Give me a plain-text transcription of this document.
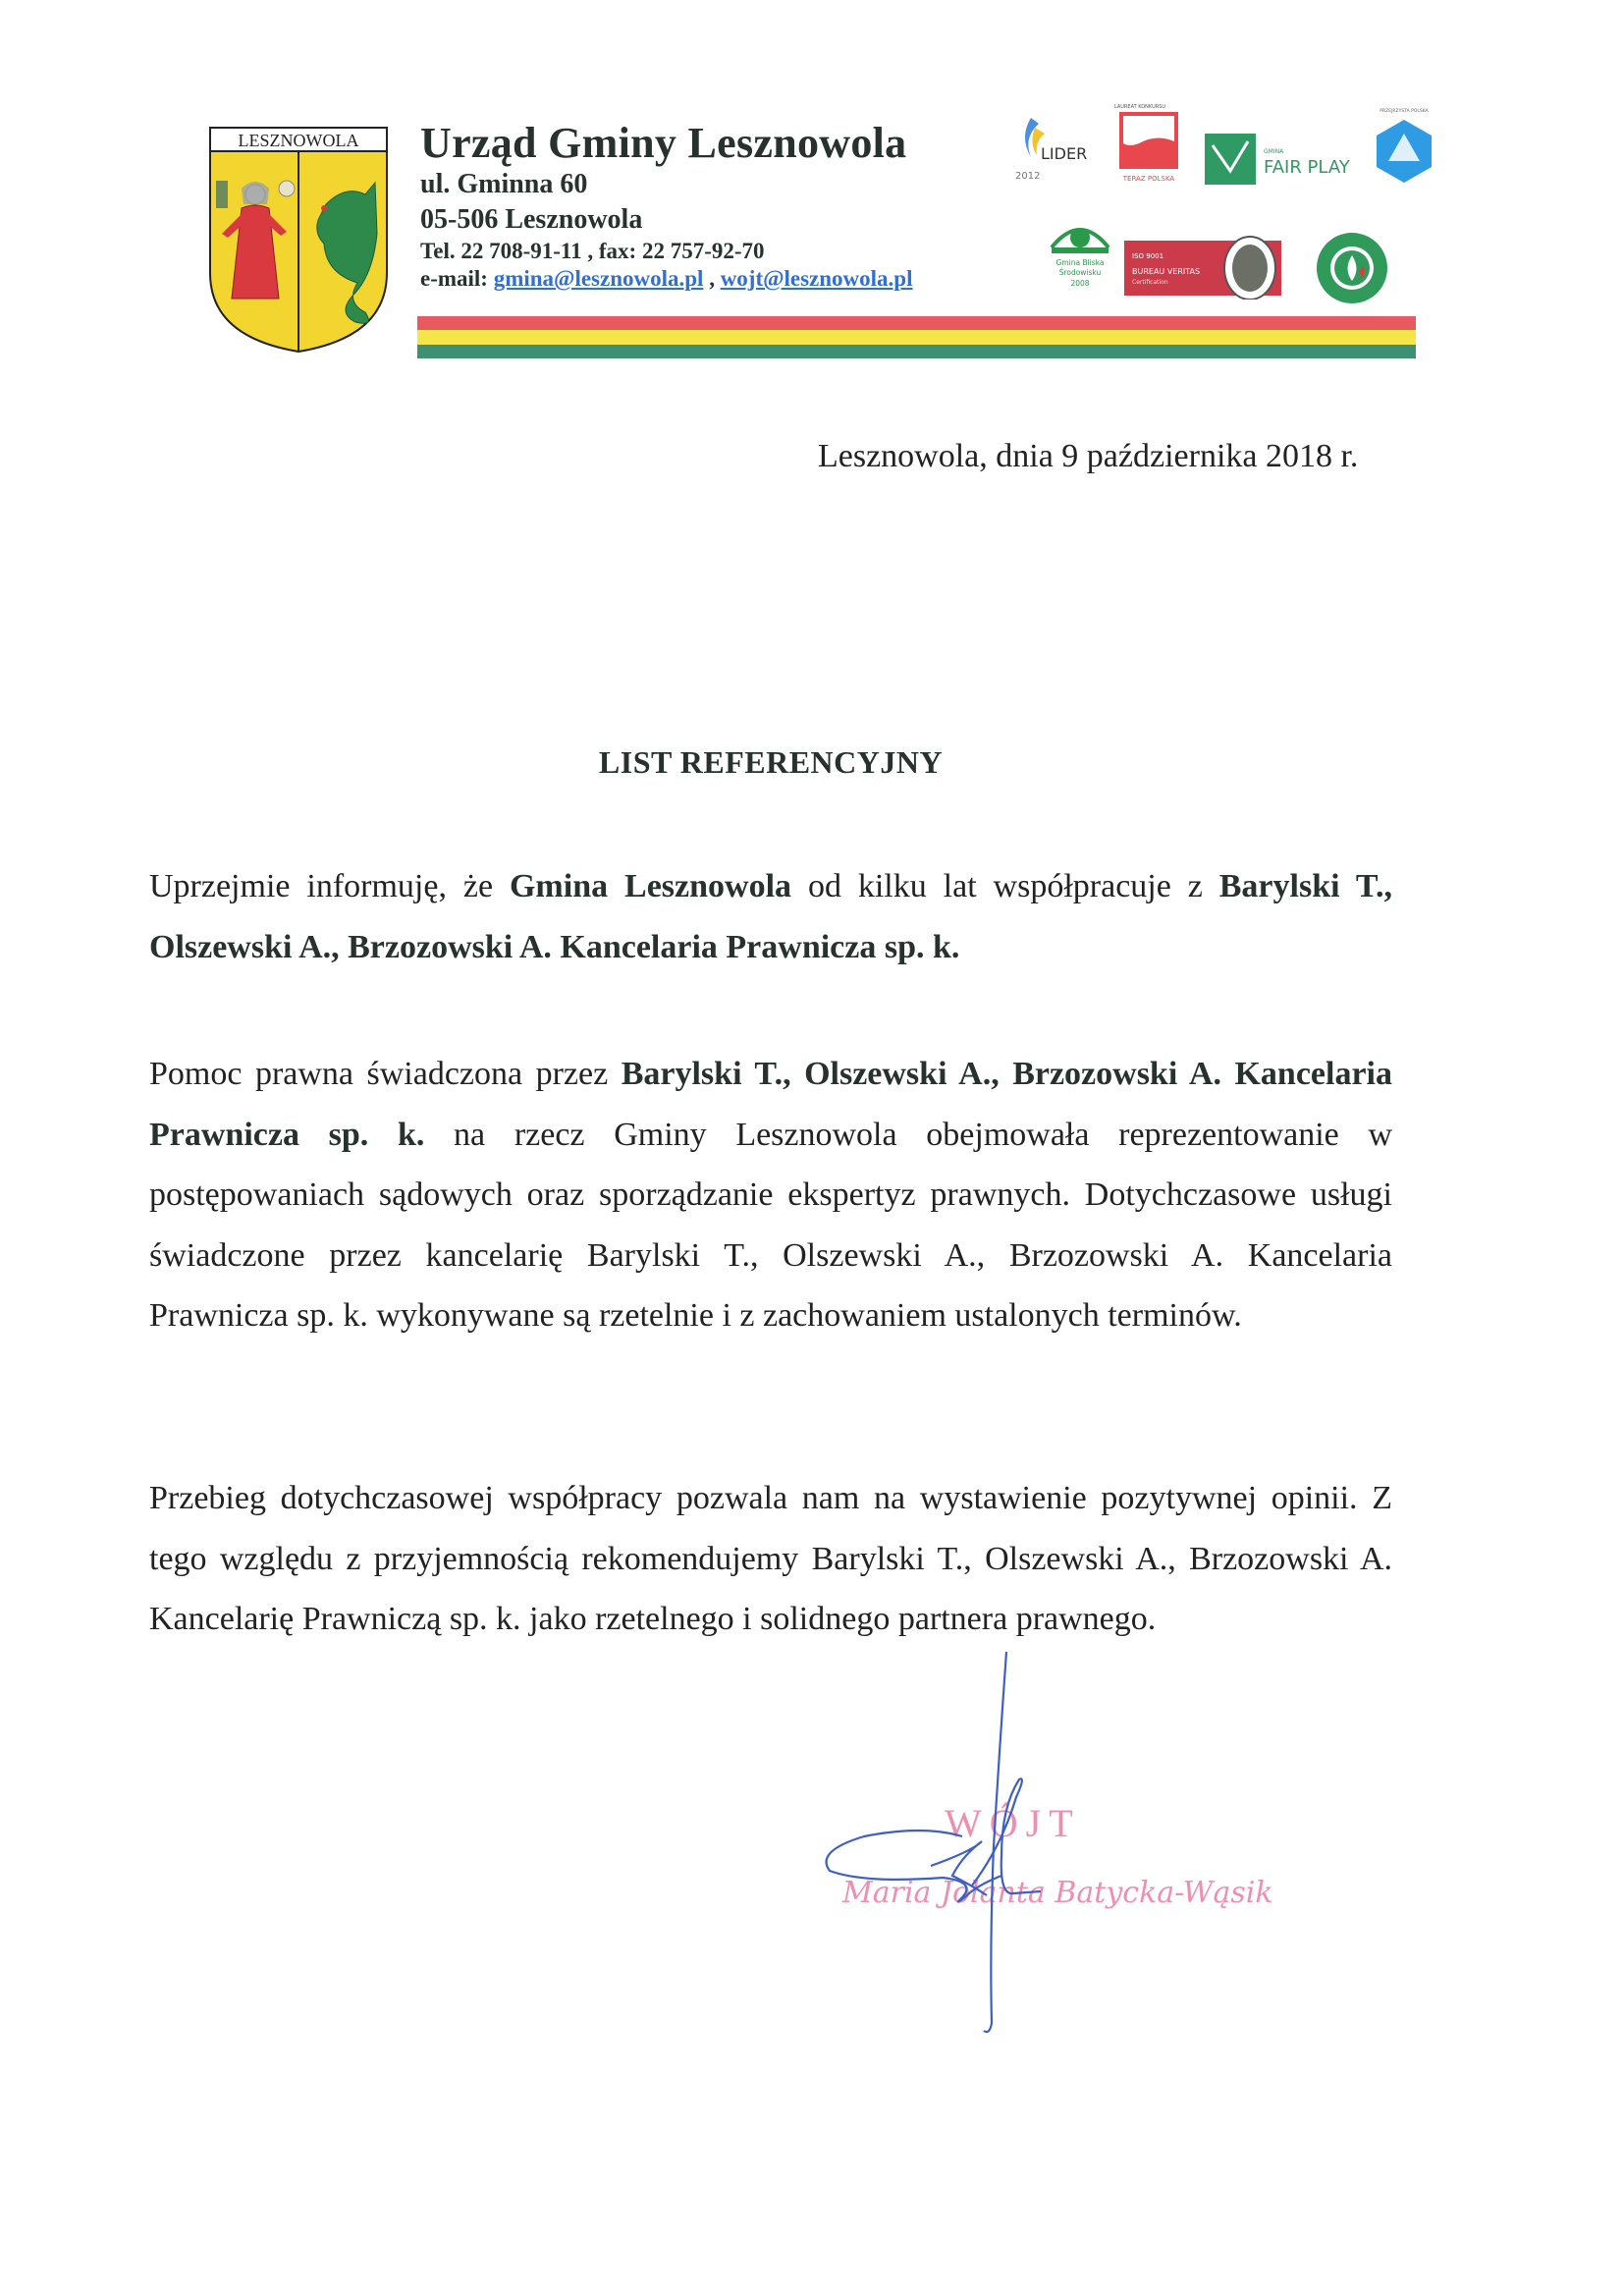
LESZNOWOLA Urząd Gminy Lesznowola
ul. Gminna 60
05-506 Lesznowola
Tel. 22 708-91-11 , fax: 22 757-92-70
e-mail: gmina@lesznowola.pl , wojt@lesznowola.pl
LIDER
2012
LAUREAT KONKURSU
TERAZ POLSKA
GMINA
FAIR PLAY
PRZEJRZYSTA POLSKA
Gmina Bliska
Środowisku
2008
ISO 9001
BUREAU VERITAS
Certification
Lesznowola, dnia 9 października 2018 r.
LIST REFERENCYJNY

Uprzejmie informuję, że Gmina Lesznowola od kilku lat współpracuje z Barylski T., Olszewski A., Brzozowski A. Kancelaria Prawnicza sp. k.

Pomoc prawna świadczona przez Barylski T., Olszewski A., Brzozowski A. Kancelaria Prawnicza sp. k. na rzecz Gminy Lesznowola obejmowała reprezentowanie w postępowaniach sądowych oraz sporządzanie ekspertyz prawnych. Dotychczasowe usługi świadczone przez kancelarię Barylski T., Olszewski A., Brzozowski A. Kancelaria Prawnicza sp. k. wykonywane są rzetelnie i z zachowaniem ustalonych terminów.

Przebieg dotychczasowej współpracy pozwala nam na wystawienie pozytywnej opinii. Z tego względu z przyjemnością rekomendujemy Barylski T., Olszewski A., Brzozowski A. Kancelarię Prawniczą sp. k. jako rzetelnego i solidnego partnera prawnego.

WÓJT
Maria Jolanta Batycka-Wąsik
